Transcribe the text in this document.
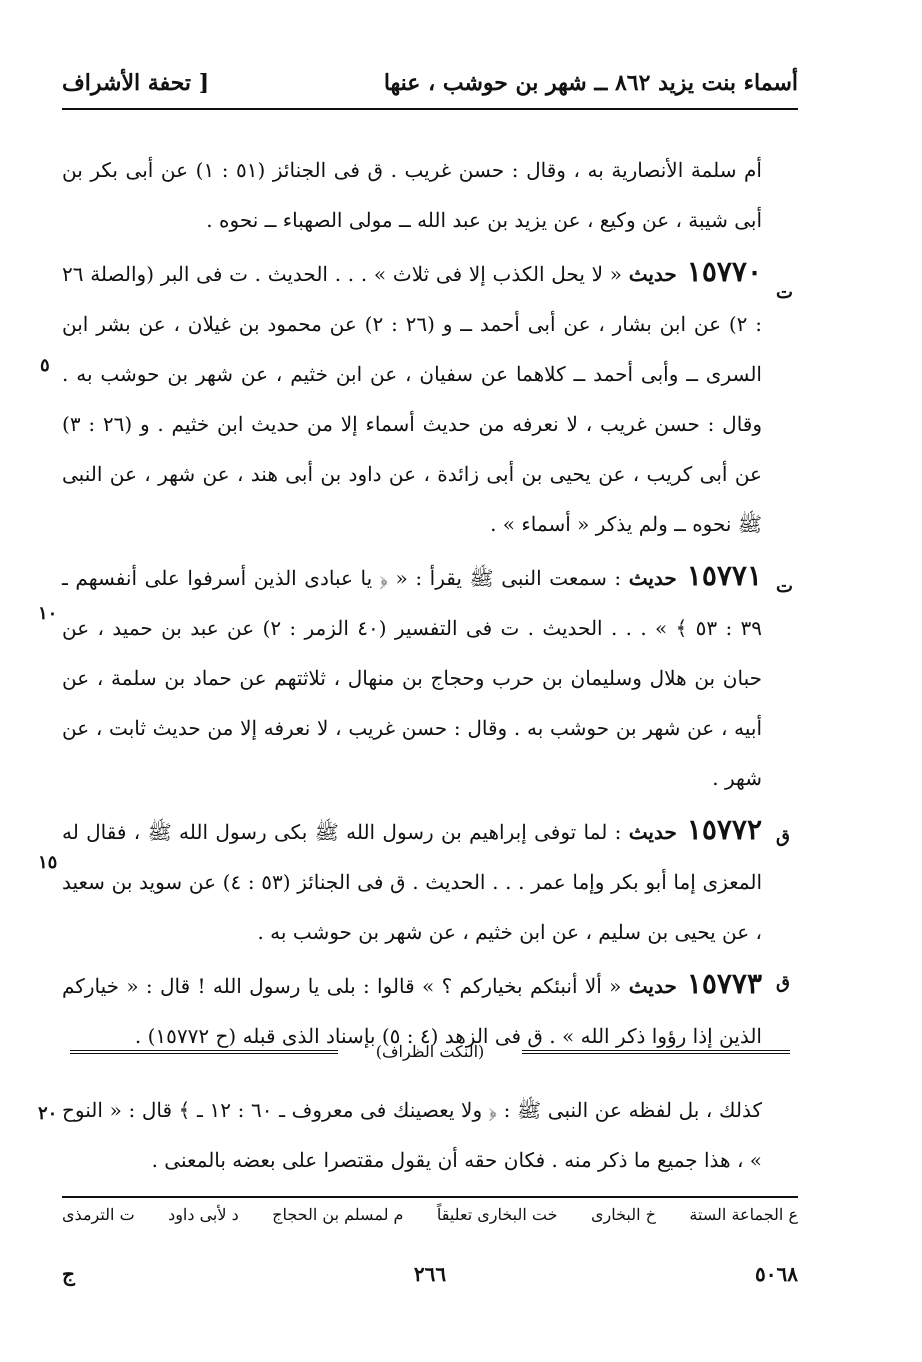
أسماء بنت يزيد ٨٦٢ ــ شهر بن حوشب ، عنها
[ تحفة الأشراف

أم سلمة الأنصارية به ، وقال : حسن غريب . ق فى الجنائز (٥١ : ١) عن أبى بكر بن أبى شيبة ، عن وكيع ، عن يزيد بن عبد الله ــ مولى الصهباء ــ نحوه .

١٥٧٧٠حديث « لا يحل الكذب إلا فى ثلاث » . . . الحديث . ت فى البر (والصلة ٢٦ : ٢) عن ابن بشار ، عن أبى أحمد ــ و (٢٦ : ٢) عن محمود بن غيلان ، عن بشر ابن السرى ــ وأبى أحمد ــ كلاهما عن سفيان ، عن ابن خثيم ، عن شهر بن حوشب به . وقال : حسن غريب ، لا نعرفه من حديث أسماء إلا من حديث ابن خثيم . و (٢٦ : ٣) عن أبى كريب ، عن يحيى بن أبى زائدة ، عن داود بن أبى هند ، عن شهر ، عن النبى ﷺ نحوه ــ ولم يذكر « أسماء » .

١٥٧٧١حديث : سمعت النبى ﷺ يقرأ : « ﴿ يا عبادى الذين أسرفوا على أنفسهم ـ ٣٩ : ٥٣ ﴾ » . . . الحديث . ت فى التفسير (٤٠ الزمر : ٢) عن عبد بن حميد ، عن حبان بن هلال وسليمان بن حرب وحجاج بن منهال ، ثلاثتهم عن حماد بن سلمة ، عن أبيه ، عن شهر بن حوشب به . وقال : حسن غريب ، لا نعرفه إلا من حديث ثابت ، عن شهر .

١٥٧٧٢حديث : لما توفى إبراهيم بن رسول الله ﷺ بكى رسول الله ﷺ ، فقال له المعزى إما أبو بكر وإما عمر . . . الحديث . ق فى الجنائز (٥٣ : ٤) عن سويد بن سعيد ، عن يحيى بن سليم ، عن ابن خثيم ، عن شهر بن حوشب به .

١٥٧٧٣حديث « ألا أنبئكم بخياركم ؟ » قالوا : بلى يا رسول الله ! قال : « خياركم الذين إذا رؤوا ذكر الله » . ق فى الزهد (٤ : ٥) بإسناد الذى قبله (ح ١٥٧٧٢) .

ت
٥
ت
١٠
ق
١٥
ق
٢٠
(النكت الظراف)

كذلك ، بل لفظه عن النبى ﷺ : ﴿ ولا يعصينك فى معروف ـ ٦٠ : ١٢ ـ ﴾ قال : « النوح » ، هذا جميع ما ذكر منه . فكان حقه أن يقول مقتصرا على بعضه بالمعنى .

ع الجماعة الستة
خ البخارى
خت البخارى تعليقاً
م لمسلم بن الحجاج
د لأبى داود
ت الترمذى
٥٠٦٨
٢٦٦
ج
